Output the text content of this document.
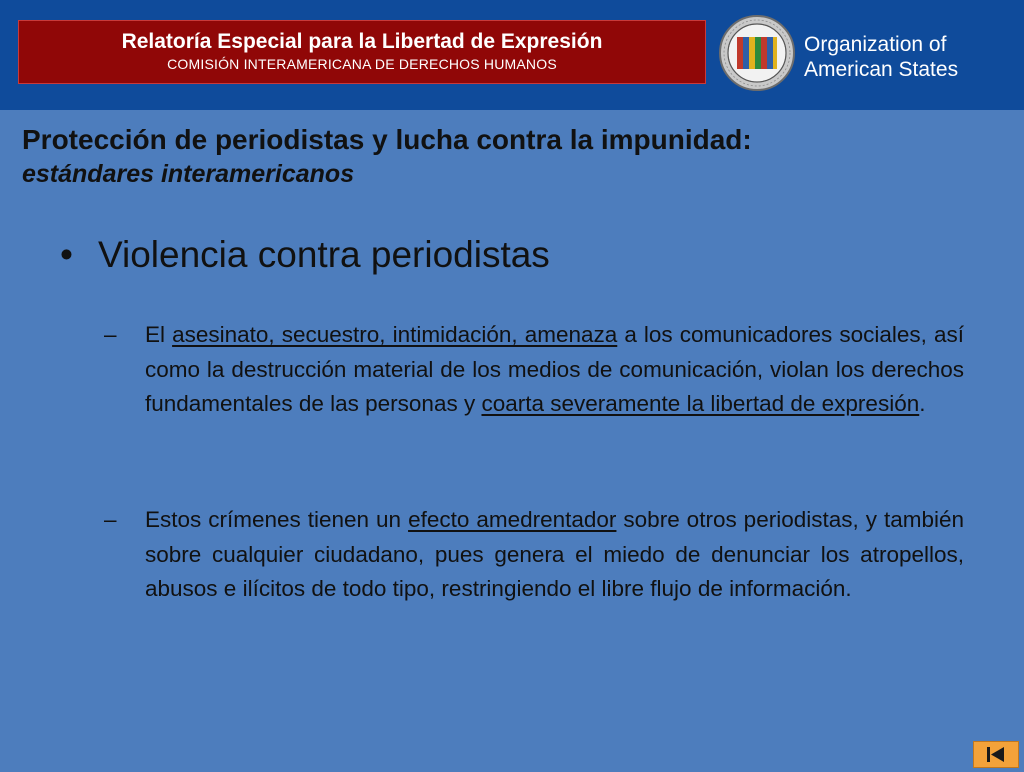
Relatoría Especial para la Libertad de Expresión
COMISIÓN INTERAMERICANA DE DERECHOS HUMANOS
Organization of
American States
Protección de periodistas y lucha contra la impunidad:
estándares interamericanos
• Violencia contra periodistas
–	El asesinato, secuestro, intimidación, amenaza a los comunicadores sociales, así como la destrucción material de los medios de comunicación, violan los derechos fundamentales de las personas y coarta severamente la libertad de expresión.
–	Estos crímenes tienen un efecto amedrentador sobre otros periodistas, y también sobre cualquier ciudadano, pues genera el miedo de denunciar los atropellos, abusos e ilícitos de todo tipo, restringiendo el libre flujo de información.
